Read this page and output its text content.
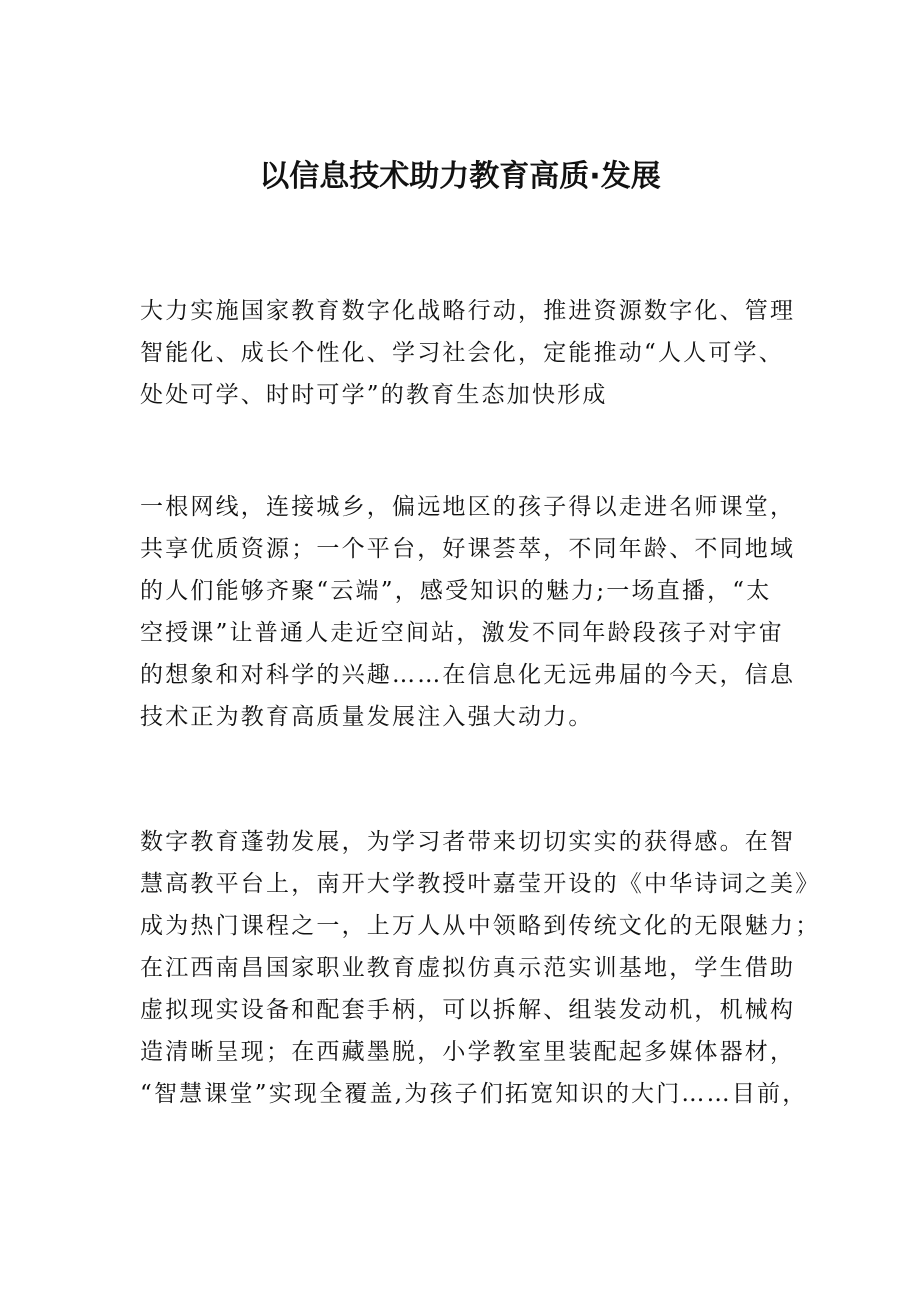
以信息技术助力教育高质·发展
大力实施国家教育数字化战略行动，推进资源数字化、管理
智能化、成长个性化、学习社会化，定能推动“人人可学、
处处可学、时时可学”的教育生态加快形成
一根网线，连接城乡，偏远地区的孩子得以走进名师课堂，
共享优质资源；一个平台，好课荟萃，不同年龄、不同地域
的人们能够齐聚“云端”，感受知识的魅力;一场直播，“太
空授课”让普通人走近空间站，激发不同年龄段孩子对宇宙
的想象和对科学的兴趣……在信息化无远弗届的今天，信息
技术正为教育高质量发展注入强大动力。
数字教育蓬勃发展，为学习者带来切切实实的获得感。在智
慧高教平台上，南开大学教授叶嘉莹开设的《中华诗词之美》
成为热门课程之一，上万人从中领略到传统文化的无限魅力；
在江西南昌国家职业教育虚拟仿真示范实训基地，学生借助
虚拟现实设备和配套手柄，可以拆解、组装发动机，机械构
造清晰呈现；在西藏墨脱，小学教室里装配起多媒体器材，
“智慧课堂”实现全覆盖,为孩子们拓宽知识的大门……目前，
